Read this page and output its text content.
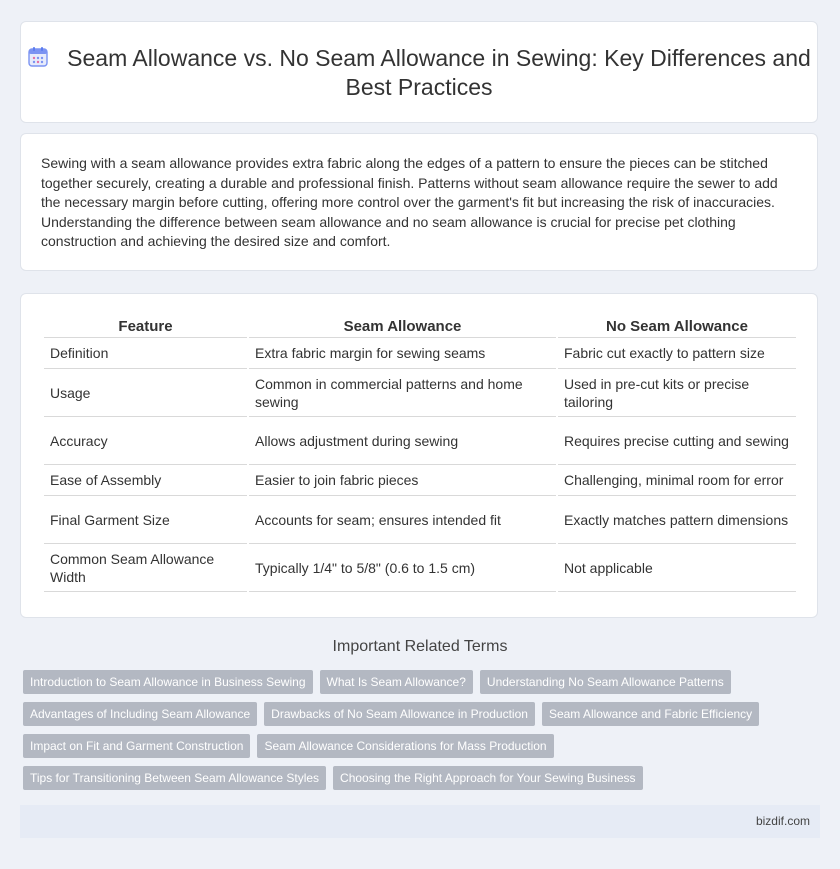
Seam Allowance vs. No Seam Allowance in Sewing: Key Differences and Best Practices
Sewing with a seam allowance provides extra fabric along the edges of a pattern to ensure the pieces can be stitched together securely, creating a durable and professional finish. Patterns without seam allowance require the sewer to add the necessary margin before cutting, offering more control over the garment's fit but increasing the risk of inaccuracies. Understanding the difference between seam allowance and no seam allowance is crucial for precise pet clothing construction and achieving the desired size and comfort.
Feature	Seam Allowance	No Seam Allowance
Definition	Extra fabric margin for sewing seams	Fabric cut exactly to pattern size
Usage	Common in commercial patterns and home sewing	Used in pre-cut kits or precise tailoring
Accuracy	Allows adjustment during sewing	Requires precise cutting and sewing
Ease of Assembly	Easier to join fabric pieces	Challenging, minimal room for error
Final Garment Size	Accounts for seam; ensures intended fit	Exactly matches pattern dimensions
Common Seam Allowance Width	Typically 1/4" to 5/8" (0.6 to 1.5 cm)	Not applicable
Important Related Terms
Introduction to Seam Allowance in Business Sewing What Is Seam Allowance? Understanding No Seam Allowance Patterns
Advantages of Including Seam Allowance Drawbacks of No Seam Allowance in Production Seam Allowance and Fabric Efficiency
Impact on Fit and Garment Construction Seam Allowance Considerations for Mass Production
Tips for Transitioning Between Seam Allowance Styles Choosing the Right Approach for Your Sewing Business
bizdif.com
